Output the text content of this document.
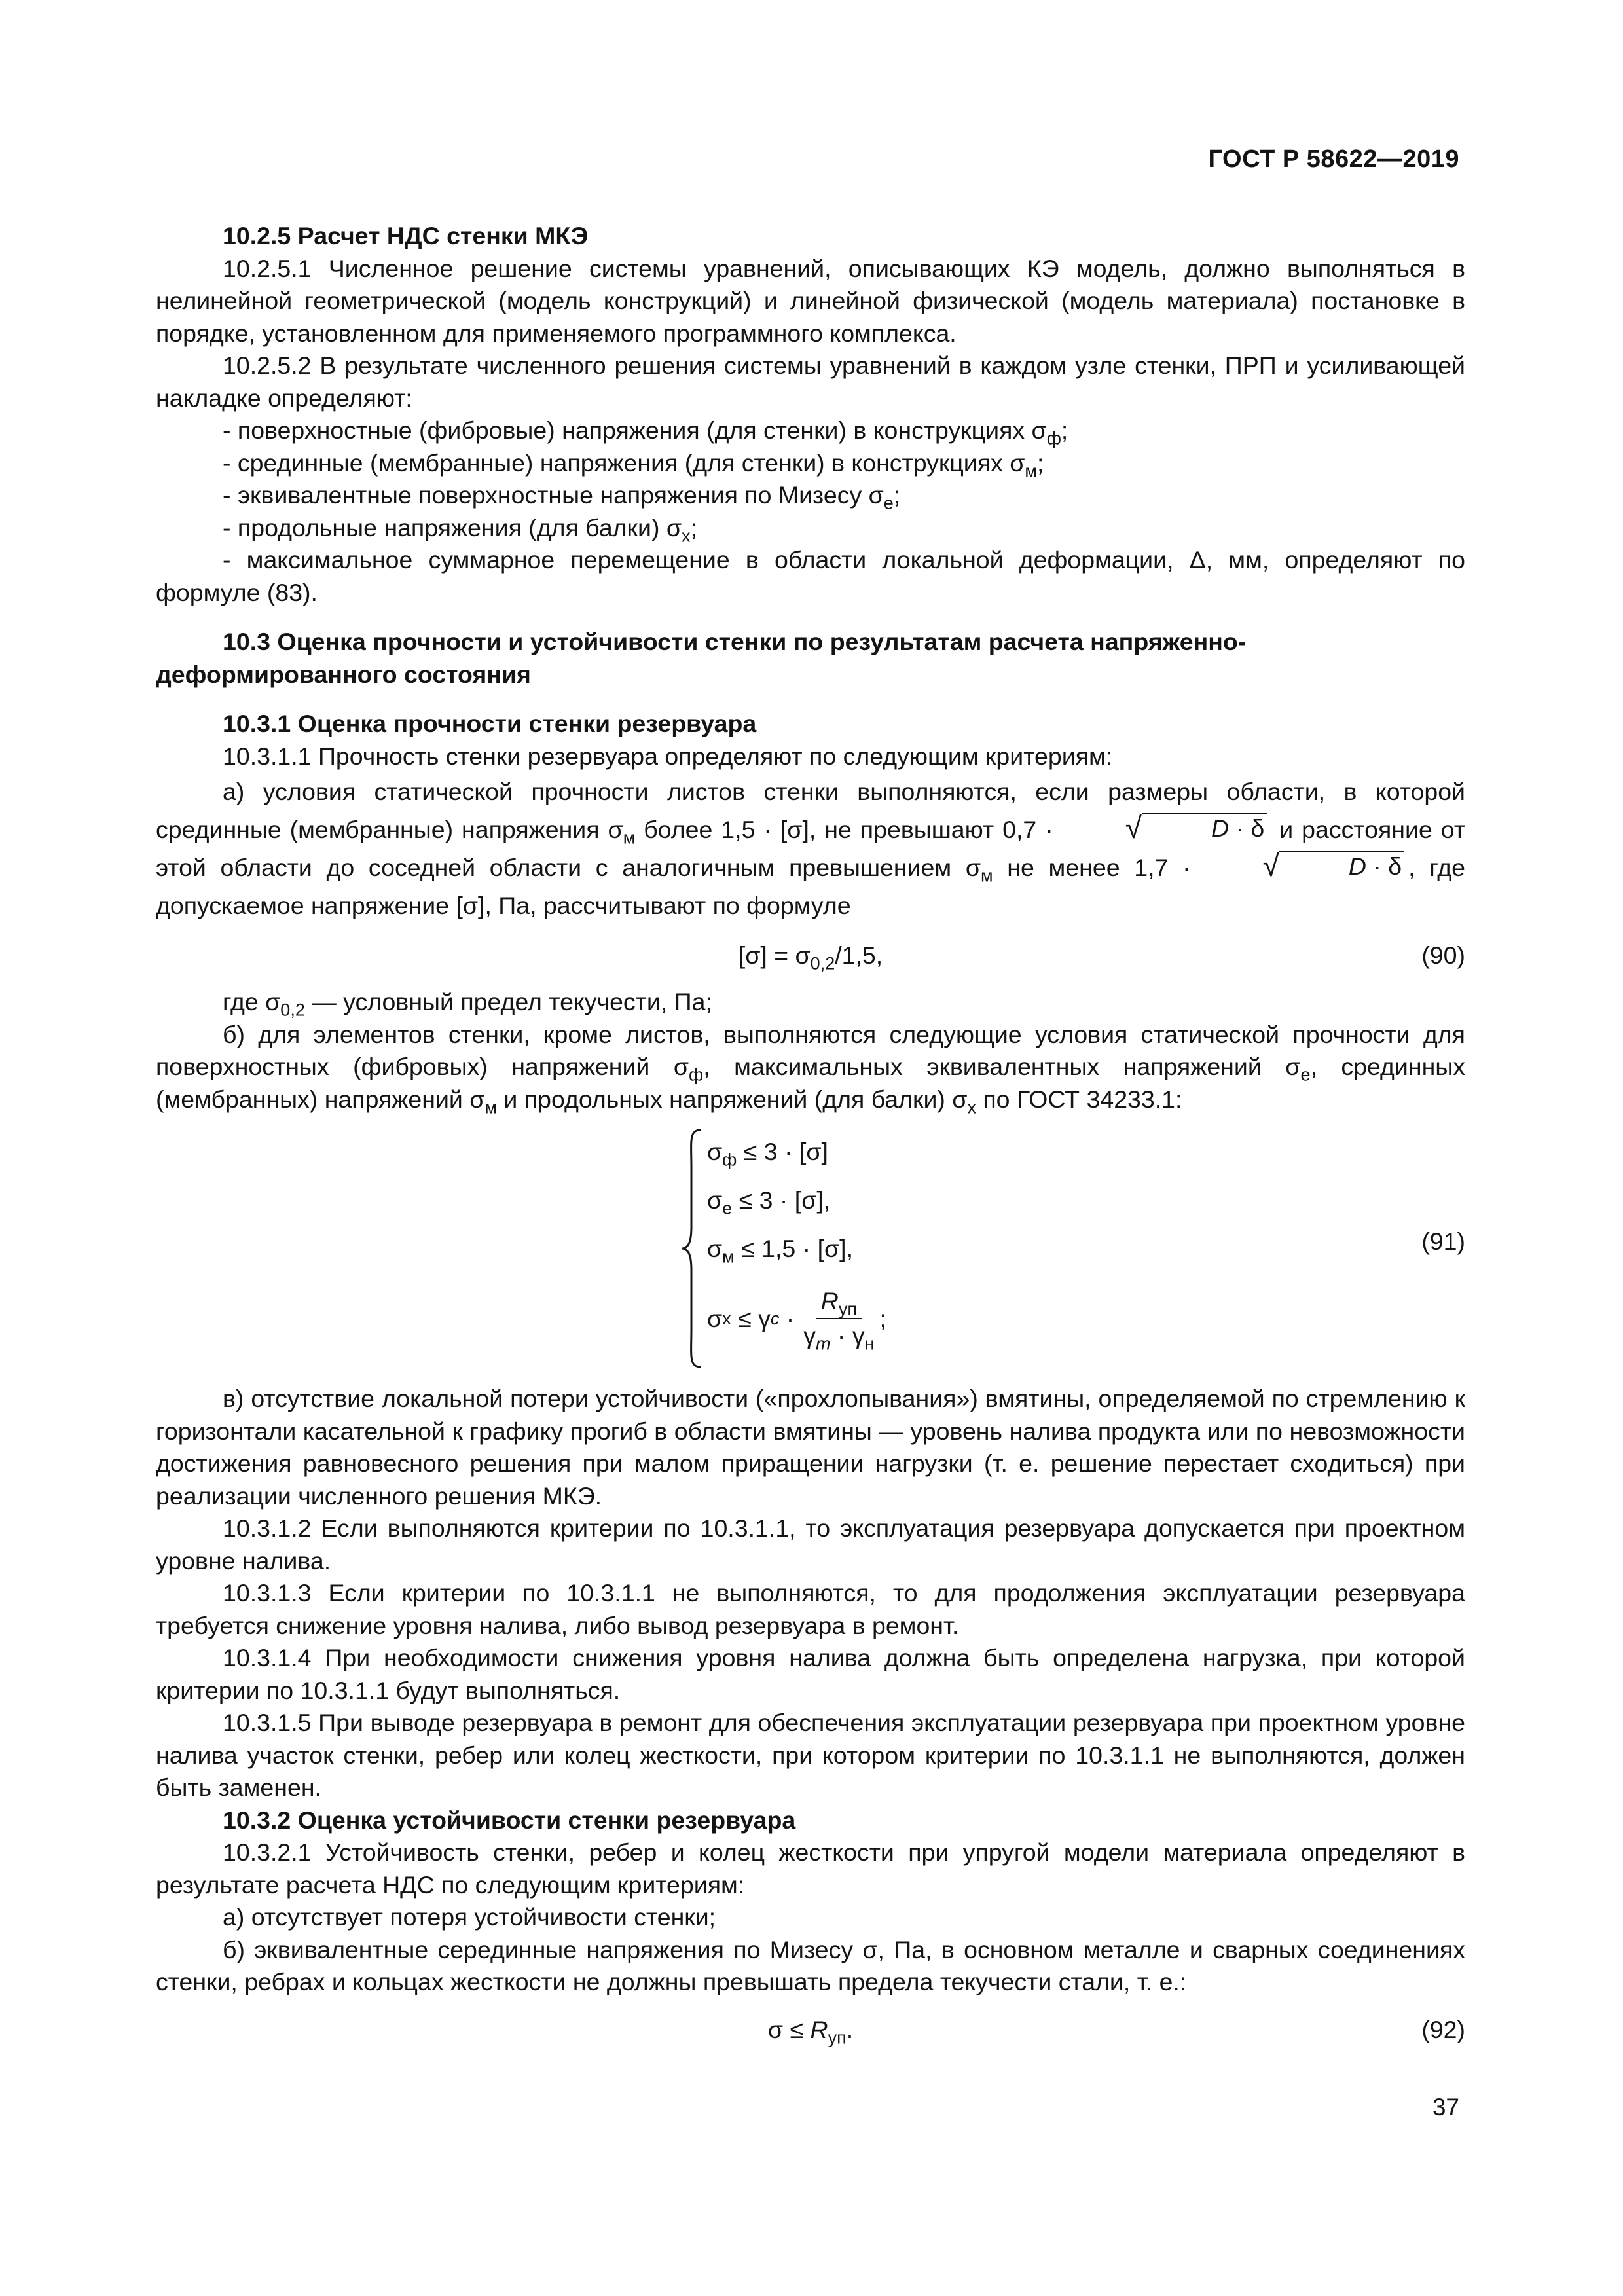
ГОСТ Р 58622—2019
10.2.5 Расчет НДС стенки МКЭ
10.2.5.1 Численное решение системы уравнений, описывающих КЭ модель, должно выполняться в нелинейной геометрической (модель конструкций) и линейной физической (модель материала) постановке в порядке, установленном для применяемого программного комплекса.
10.2.5.2 В результате численного решения системы уравнений в каждом узле стенки, ПРП и усиливающей накладке определяют:
- поверхностные (фибровые) напряжения (для стенки) в конструкциях $\sigma_ф$;
- срединные (мембранные) напряжения (для стенки) в конструкциях $\sigma_м$;
- эквивалентные поверхностные напряжения по Мизесу $\sigma_e$;
- продольные напряжения (для балки) $\sigma_x$;
- максимальное суммарное перемещение в области локальной деформации, Δ, мм, определяют по формуле (83).
10.3 Оценка прочности и устойчивости стенки по результатам расчета напряженно-деформированного состояния
10.3.1 Оценка прочности стенки резервуара
10.3.1.1 Прочность стенки резервуара определяют по следующим критериям:
а) условия статической прочности листов стенки выполняются, если размеры области, в которой срединные (мембранные) напряжения $\sigma_м$ более 1,5 · [σ], не превышают 0,7 ·	√	D · δ и расстояние от этой области до соседней области с аналогичным превышением $\sigma_м$ не менее 1,7 ·	√	D · δ , где допускаемое напряжение [σ], Па, рассчитывают по формуле
$[\sigma] = \sigma_{0,2}/1,5$,	(90)
где $\sigma_{0,2}$ — условный предел текучести, Па;
б) для элементов стенки, кроме листов, выполняются следующие условия статической прочности для поверхностных (фибровых) напряжений $\sigma_ф$, максимальных эквивалентных напряжений $\sigma_e$, срединных (мембранных) напряжений $\sigma_м$ и продольных напряжений (для балки) $\sigma_x$ по ГОСТ 34233.1:
$\sigma_ф \le 3 \cdot [\sigma]$
$\sigma_e \le 3 \cdot [\sigma]$,
$\sigma_м \le 1,5 \cdot [\sigma]$,
σ x ≤ γ $c \cdot \frac{R_{уп}}{\gamma_m \cdot \gamma_н}$ ;
(91)
в) отсутствие локальной потери устойчивости («прохлопывания») вмятины, определяемой по стремлению к горизонтали касательной к графику прогиб в области вмятины — уровень налива продукта или по невозможности достижения равновесного решения при малом приращении нагрузки (т. е. решение перестает сходиться) при реализации численного решения МКЭ.
10.3.1.2 Если выполняются критерии по 10.3.1.1, то эксплуатация резервуара допускается при проектном уровне налива.
10.3.1.3 Если критерии по 10.3.1.1 не выполняются, то для продолжения эксплуатации резервуара требуется снижение уровня налива, либо вывод резервуара в ремонт.
10.3.1.4 При необходимости снижения уровня налива должна быть определена нагрузка, при которой критерии по 10.3.1.1 будут выполняться.
10.3.1.5 При выводе резервуара в ремонт для обеспечения эксплуатации резервуара при проектном уровне налива участок стенки, ребер или колец жесткости, при котором критерии по 10.3.1.1 не выполняются, должен быть заменен.
10.3.2 Оценка устойчивости стенки резервуара
10.3.2.1 Устойчивость стенки, ребер и колец жесткости при упругой модели материала определяют в результате расчета НДС по следующим критериям:
а) отсутствует потеря устойчивости стенки;
б) эквивалентные серединные напряжения по Мизесу σ, Па, в основном металле и сварных соединениях стенки, ребрах и кольцах жесткости не должны превышать предела текучести стали, т. е.:
$\sigma \le R_{уп}$.	(92)
37
